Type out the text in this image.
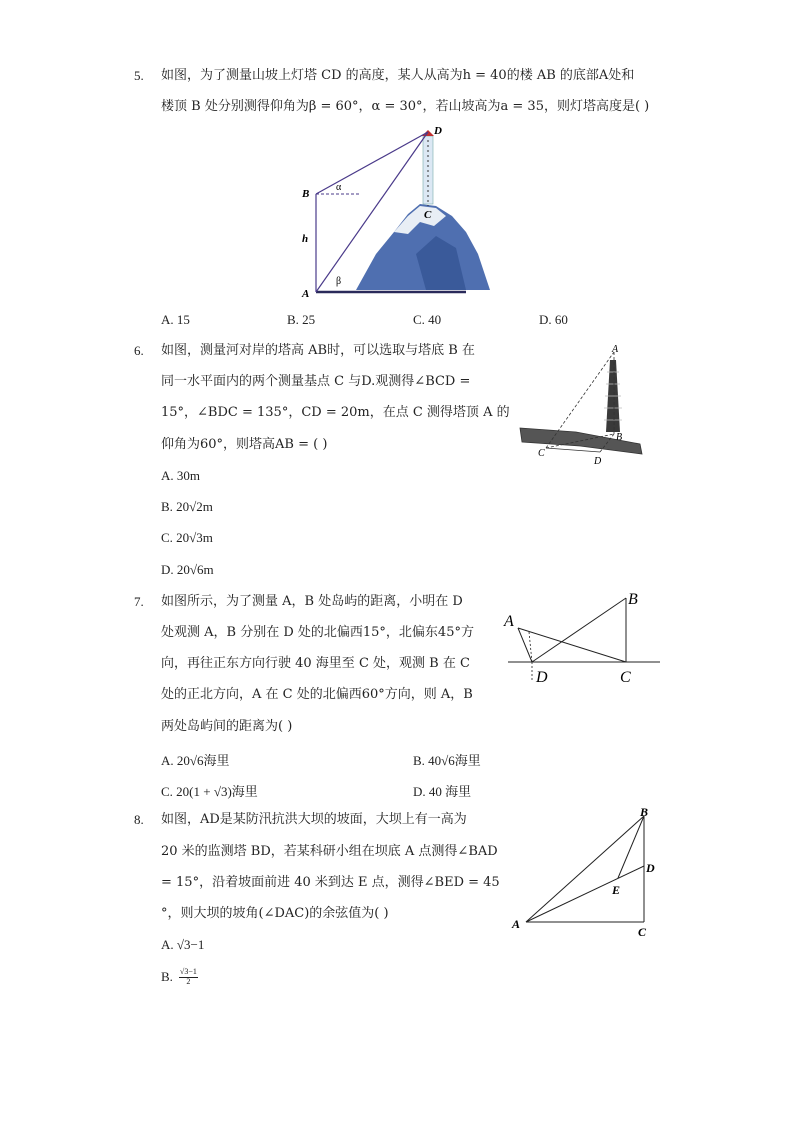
5. 如图，为了测量山坡上灯塔 CD 的高度，某人从高为h = 40的楼 AB 的底部A处和
楼顶 B 处分别测得仰角为β = 60°，α = 30°，若山坡高为a = 35，则灯塔高度是( )
B
A
h
C
D
α
β
A. 15	B. 25	C. 40	D. 60
6. 如图，测量河对岸的塔高 AB时，可以选取与塔底 B 在
同一水平面内的两个测量基点 C 与D.观测得∠BCD =
15°，∠BDC = 135°，CD = 20m，在点 C 测得塔顶 A 的
仰角为60°，则塔高AB = ( )
A
B
C
D
A. 30m
B. 20√2m
C. 20√3m
D. 20√6m
7. 如图所示，为了测量 A，B 处岛屿的距离，小明在 D
处观测 A，B 分别在 D 处的北偏西15°，北偏东45°方
向，再往正东方向行驶 40 海里至 C 处，观测 B 在 C
处的正北方向，A 在 C 处的北偏西60°方向，则 A，B
两处岛屿间的距离为( )
A
B
D	C
A. 20√6海里	B. 40√6海里
C. 20(1 + √3)海里	D. 40 海里
8. 如图，AD是某防汛抗洪大坝的坡面，大坝上有一高为
20 米的监测塔 BD，若某科研小组在坝底 A 点测得∠BAD
= 15°，沿着坡面前进 40 米到达 E 点，测得∠BED = 45
°，则大坝的坡角(∠DAC)的余弦值为( )
B
D
E
A
C
A. √3−1
B. $\frac{√3-1}{2}$
